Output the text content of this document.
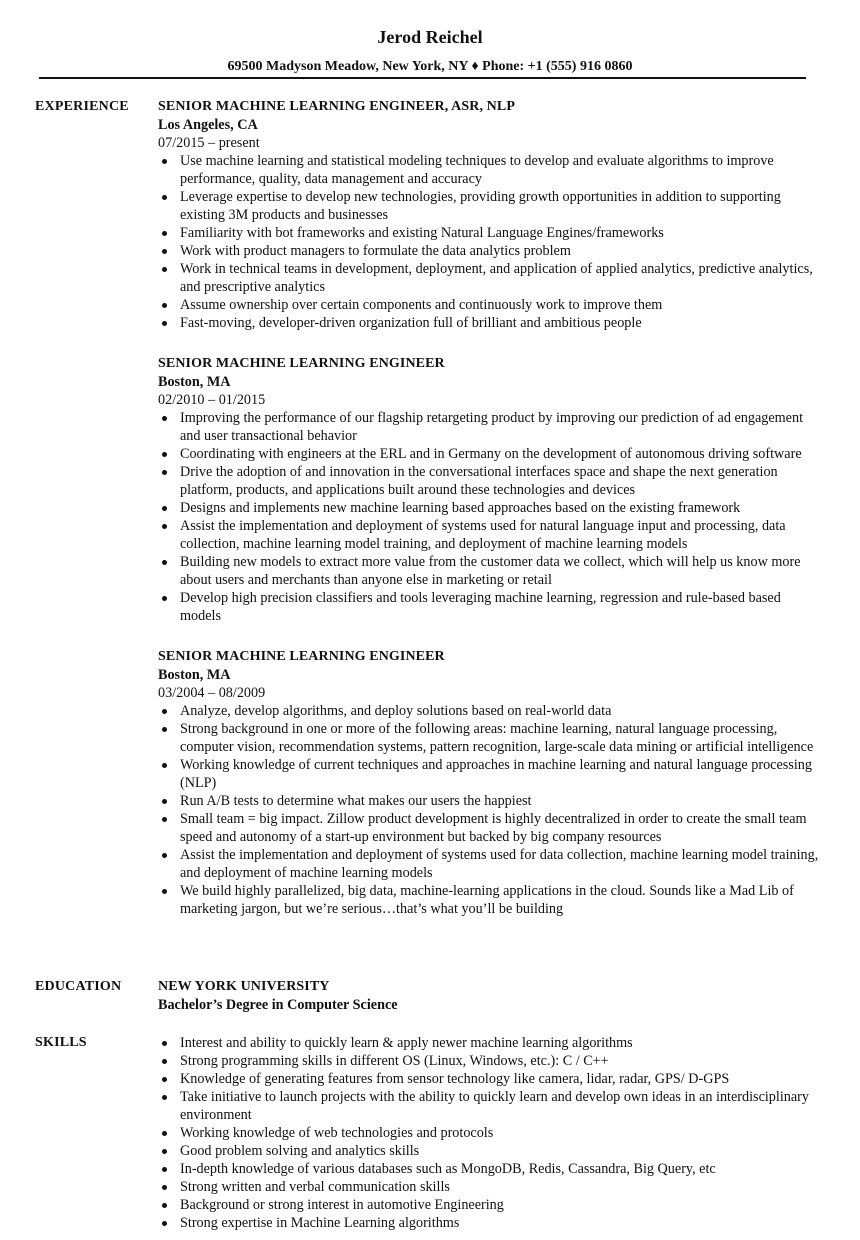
Jerod Reichel
69500 Madyson Meadow, New York, NY ♦ Phone: +1 (555) 916 0860
EXPERIENCE	SENIOR MACHINE LEARNING ENGINEER, ASR, NLP
Los Angeles, CA
07/2015 – present
Use machine learning and statistical modeling techniques to develop and evaluate algorithms to improve performance, quality, data management and accuracy
Leverage expertise to develop new technologies, providing growth opportunities in addition to supporting existing 3M products and businesses
Familiarity with bot frameworks and existing Natural Language Engines/frameworks
Work with product managers to formulate the data analytics problem
Work in technical teams in development, deployment, and application of applied analytics, predictive analytics, and prescriptive analytics
Assume ownership over certain components and continuously work to improve them
Fast-moving, developer-driven organization full of brilliant and ambitious people
SENIOR MACHINE LEARNING ENGINEER
Boston, MA
02/2010 – 01/2015
Improving the performance of our flagship retargeting product by improving our prediction of ad engagement and user transactional behavior
Coordinating with engineers at the ERL and in Germany on the development of autonomous driving software
Drive the adoption of and innovation in the conversational interfaces space and shape the next generation platform, products, and applications built around these technologies and devices
Designs and implements new machine learning based approaches based on the existing framework
Assist the implementation and deployment of systems used for natural language input and processing, data collection, machine learning model training, and deployment of machine learning models
Building new models to extract more value from the customer data we collect, which will help us know more about users and merchants than anyone else in marketing or retail
Develop high precision classifiers and tools leveraging machine learning, regression and rule-based based models
SENIOR MACHINE LEARNING ENGINEER
Boston, MA
03/2004 – 08/2009
Analyze, develop algorithms, and deploy solutions based on real-world data
Strong background in one or more of the following areas: machine learning, natural language processing, computer vision, recommendation systems, pattern recognition, large-scale data mining or artificial intelligence
Working knowledge of current techniques and approaches in machine learning and natural language processing (NLP)
Run A/B tests to determine what makes our users the happiest
Small team = big impact. Zillow product development is highly decentralized in order to create the small team speed and autonomy of a start-up environment but backed by big company resources
Assist the implementation and deployment of systems used for data collection, machine learning model training, and deployment of machine learning models
We build highly parallelized, big data, machine-learning applications in the cloud. Sounds like a Mad Lib of marketing jargon, but we’re serious…that’s what you’ll be building
EDUCATION	NEW YORK UNIVERSITY
Bachelor’s Degree in Computer Science
SKILLS	Interest and ability to quickly learn & apply newer machine learning algorithms
Strong programming skills in different OS (Linux, Windows, etc.): C / C++
Knowledge of generating features from sensor technology like camera, lidar, radar, GPS/ D-GPS
Take initiative to launch projects with the ability to quickly learn and develop own ideas in an interdisciplinary environment
Working knowledge of web technologies and protocols
Good problem solving and analytics skills
In-depth knowledge of various databases such as MongoDB, Redis, Cassandra, Big Query, etc
Strong written and verbal communication skills
Background or strong interest in automotive Engineering
Strong expertise in Machine Learning algorithms
